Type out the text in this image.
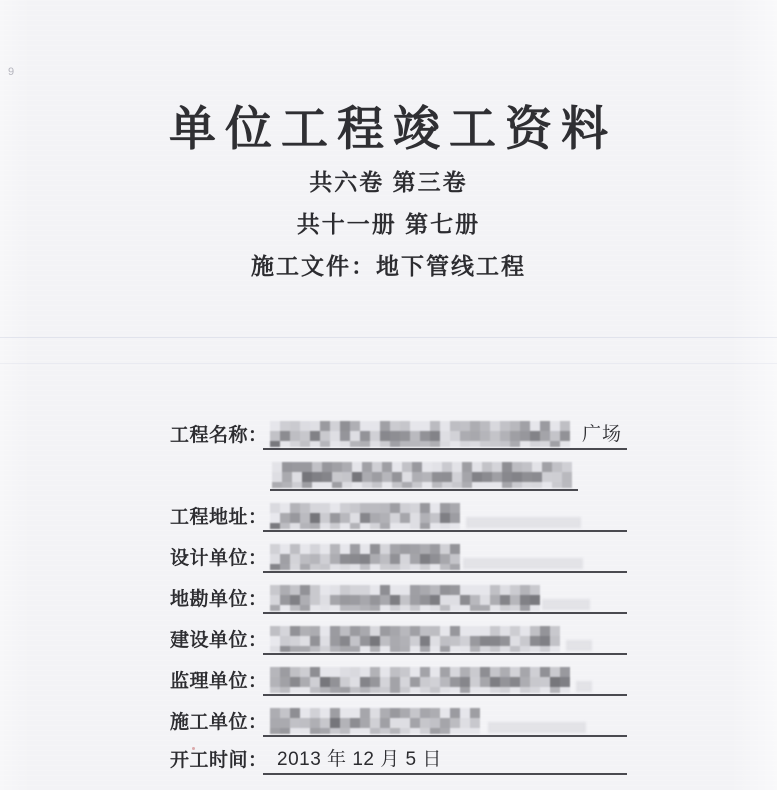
9
单位工程竣工资料
共六卷 第三卷
共十一册 第七册
施工文件：地下管线工程
工程名称：	广场
工程地址：
设计单位：
地勘单位：
建设单位：
监理单位：
施工单位：
开工时间： 2013 年 12 月 5 日
